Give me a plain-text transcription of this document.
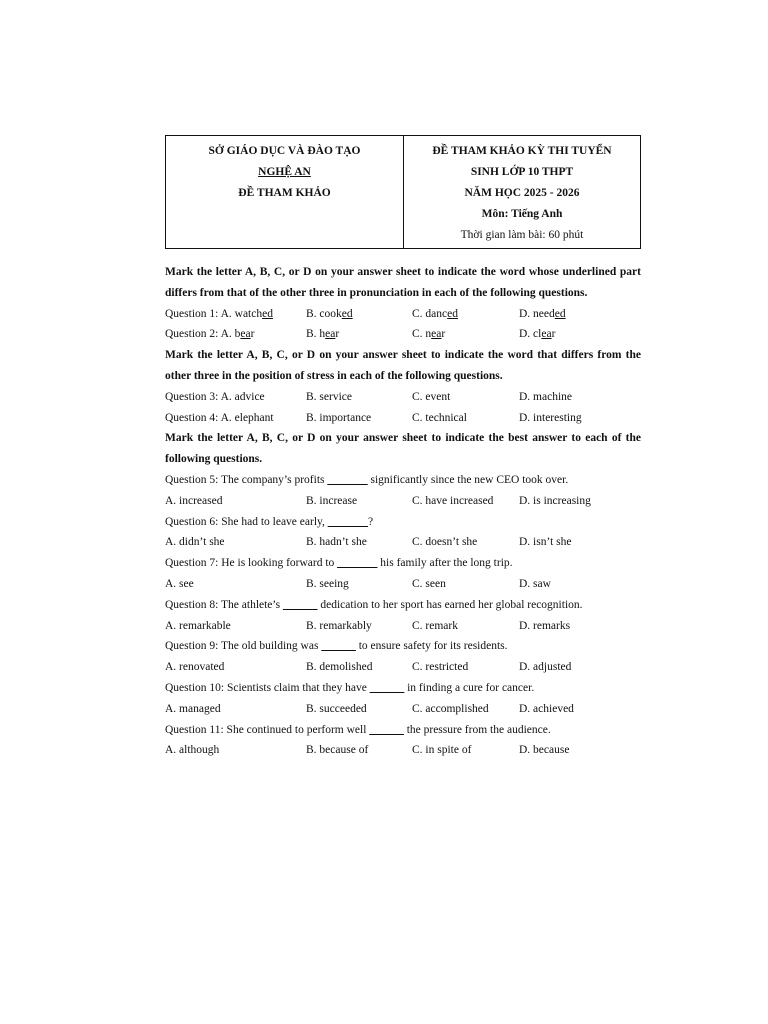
SỞ GIÁO DỤC VÀ ĐÀO TẠO
NGHỆ AN
ĐỀ THAM KHẢO
ĐỀ THAM KHẢO KỲ THI TUYỂN
SINH LỚP 10 THPT
NĂM HỌC 2025 - 2026
Môn: Tiếng Anh
Thời gian làm bài: 60 phút
Mark the letter A, B, C, or D on your answer sheet to indicate the word whose underlined part differs from that of the other three in pronunciation in each of the following questions.
Question 1: A. watched	B. cooked	C. danced	D. needed
Question 2: A. bear	B. hear	C. near	D. clear
Mark the letter A, B, C, or D on your answer sheet to indicate the word that differs from the other three in the position of stress in each of the following questions.
Question 3: A. advice	B. service	C. event	D. machine
Question 4: A. elephant	B. importance	C. technical	D. interesting
Mark the letter A, B, C, or D on your answer sheet to indicate the best answer to each of the following questions.
Question 5: The company’s profits _______ significantly since the new CEO took over.
A. increased	B. increase	C. have increased	D. is increasing
Question 6: She had to leave early, _______?
A. didn’t she	B. hadn’t she	C. doesn’t she	D. isn’t she
Question 7: He is looking forward to _______ his family after the long trip.
A. see	B. seeing	C. seen	D. saw
Question 8: The athlete’s ______ dedication to her sport has earned her global recognition.
A. remarkable	B. remarkably	C. remark	D. remarks
Question 9: The old building was ______ to ensure safety for its residents.
A. renovated	B. demolished	C. restricted	D. adjusted
Question 10: Scientists claim that they have ______ in finding a cure for cancer.
A. managed	B. succeeded	C. accomplished	D. achieved
Question 11: She continued to perform well ______ the pressure from the audience.
A. although	B. because of	C. in spite of	D. because
